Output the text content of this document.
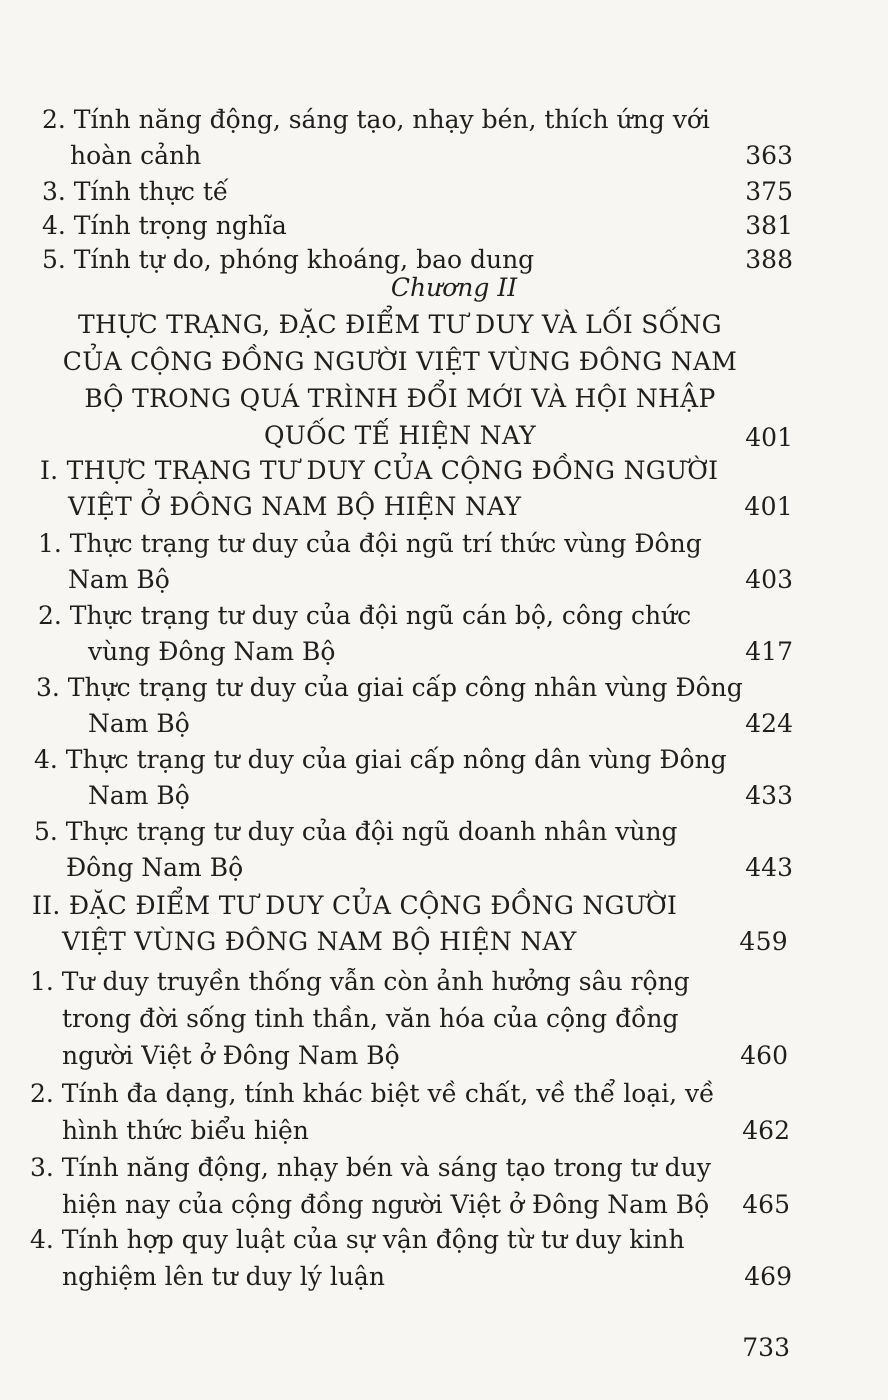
2. Tính năng động, sáng tạo, nhạy bén, thích ứng với
hoàn cảnh	363
3. Tính thực tế	375
4. Tính trọng nghĩa	381
5. Tính tự do, phóng khoáng, bao dung	388
Chương II
THỰC TRẠNG, ĐẶC ĐIỂM TƯ DUY VÀ LỐI SỐNG
CỦA CỘNG ĐỒNG NGƯỜI VIỆT VÙNG ĐÔNG NAM
BỘ TRONG QUÁ TRÌNH ĐỔI MỚI VÀ HỘI NHẬP
QUỐC TẾ HIỆN NAY	401
I. THỰC TRẠNG TƯ DUY CỦA CỘNG ĐỒNG NGƯỜI
VIỆT Ở ĐÔNG NAM BỘ HIỆN NAY	401
1. Thực trạng tư duy của đội ngũ trí thức vùng Đông
Nam Bộ	403
2. Thực trạng tư duy của đội ngũ cán bộ, công chức
vùng Đông Nam Bộ	417
3. Thực trạng tư duy của giai cấp công nhân vùng Đông
Nam Bộ	424
4. Thực trạng tư duy của giai cấp nông dân vùng Đông
Nam Bộ	433
5. Thực trạng tư duy của đội ngũ doanh nhân vùng
Đông Nam Bộ	443
II. ĐẶC ĐIỂM TƯ DUY CỦA CỘNG ĐỒNG NGƯỜI
VIỆT VÙNG ĐÔNG NAM BỘ HIỆN NAY	459
1. Tư duy truyền thống vẫn còn ảnh hưởng sâu rộng
trong đời sống tinh thần, văn hóa của cộng đồng
người Việt ở Đông Nam Bộ	460
2. Tính đa dạng, tính khác biệt về chất, về thể loại, về
hình thức biểu hiện	462
3. Tính năng động, nhạy bén và sáng tạo trong tư duy
hiện nay của cộng đồng người Việt ở Đông Nam Bộ	465
4. Tính hợp quy luật của sự vận động từ tư duy kinh
nghiệm lên tư duy lý luận	469
733
